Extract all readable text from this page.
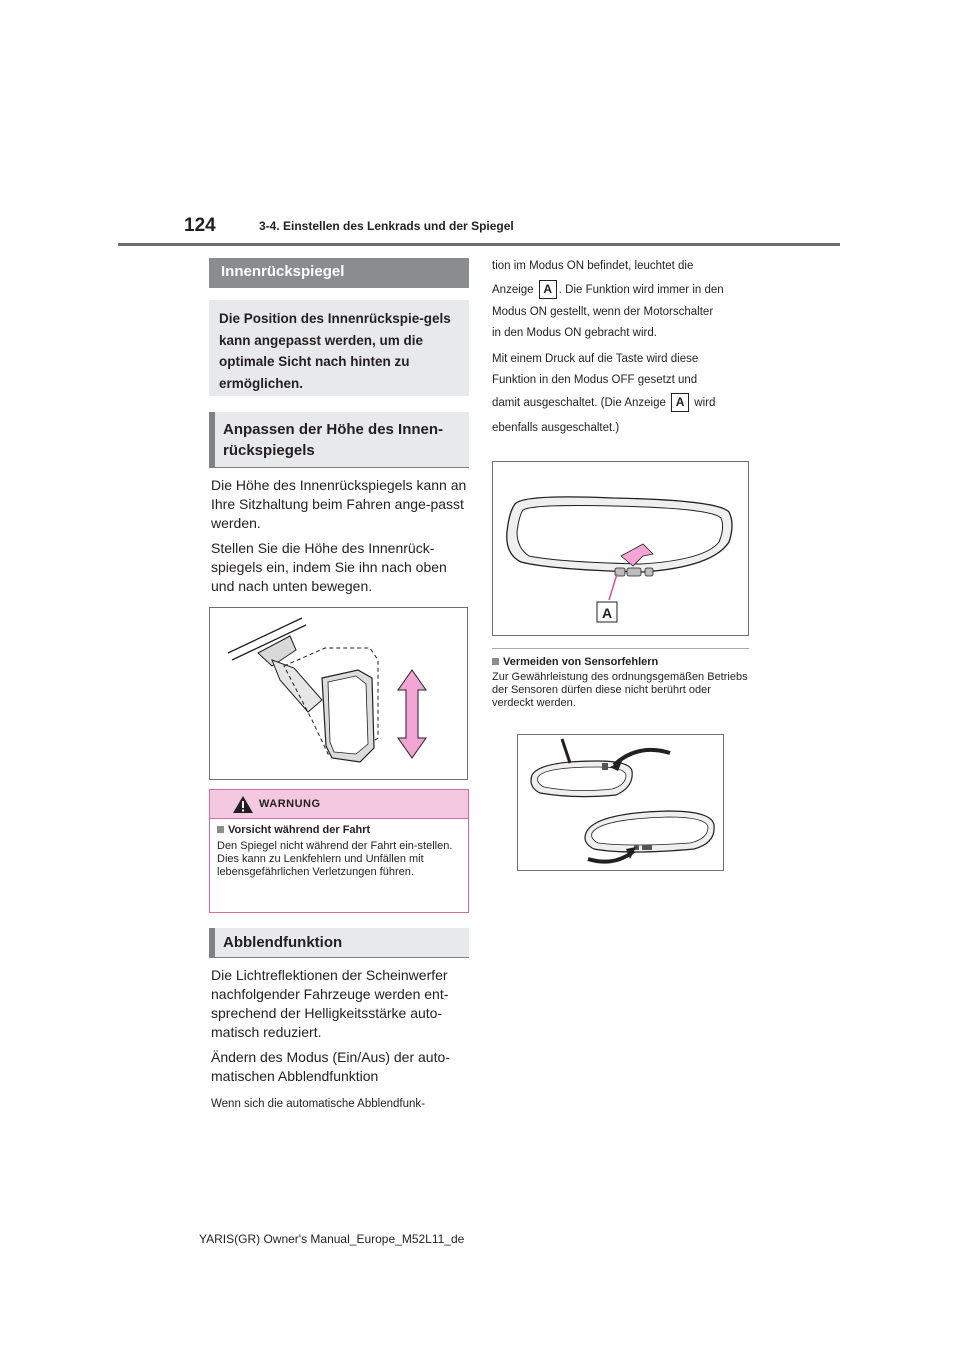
124	3-4. Einstellen des Lenkrads und der Spiegel
Innenrückspiegel

Die Position des Innenrückspie-gels kann angepasst werden, um die optimale Sicht nach hinten zu ermöglichen.

Anpassen der Höhe des Innen-rückspiegels

Die Höhe des Innenrückspiegels kann an Ihre Sitzhaltung beim Fahren ange-passt werden.

Stellen Sie die Höhe des Innenrück-spiegels ein, indem Sie ihn nach oben und nach unten bewegen.

WARNUNG
Vorsicht während der Fahrt
Den Spiegel nicht während der Fahrt ein-stellen. Dies kann zu Lenkfehlern und Unfällen mit lebensgefährlichen Verletzungen führen.
Abblendfunktion

Die Lichtreflektionen der Scheinwerfer nachfolgender Fahrzeuge werden ent-sprechend der Helligkeitsstärke auto-matisch reduziert.

Ändern des Modus (Ein/Aus) der auto-matischen Abblendfunktion

Wenn sich die automatische Abblendfunk-

tion im Modus ON befindet, leuchtet die
Anzeige A . Die Funktion wird immer in den
Modus ON gestellt, wenn der Motorschalter
in den Modus ON gebracht wird.
Mit einem Druck auf die Taste wird diese
Funktion in den Modus OFF gesetzt und
damit ausgeschaltet. (Die Anzeige A wird
ebenfalls ausgeschaltet.)
A
Vermeiden von Sensorfehlern
Zur Gewährleistung des ordnungsgemäßen Betriebs der Sensoren dürfen diese nicht berührt oder verdeckt werden.
YARIS(GR) Owner's Manual_Europe_M52L11_de
